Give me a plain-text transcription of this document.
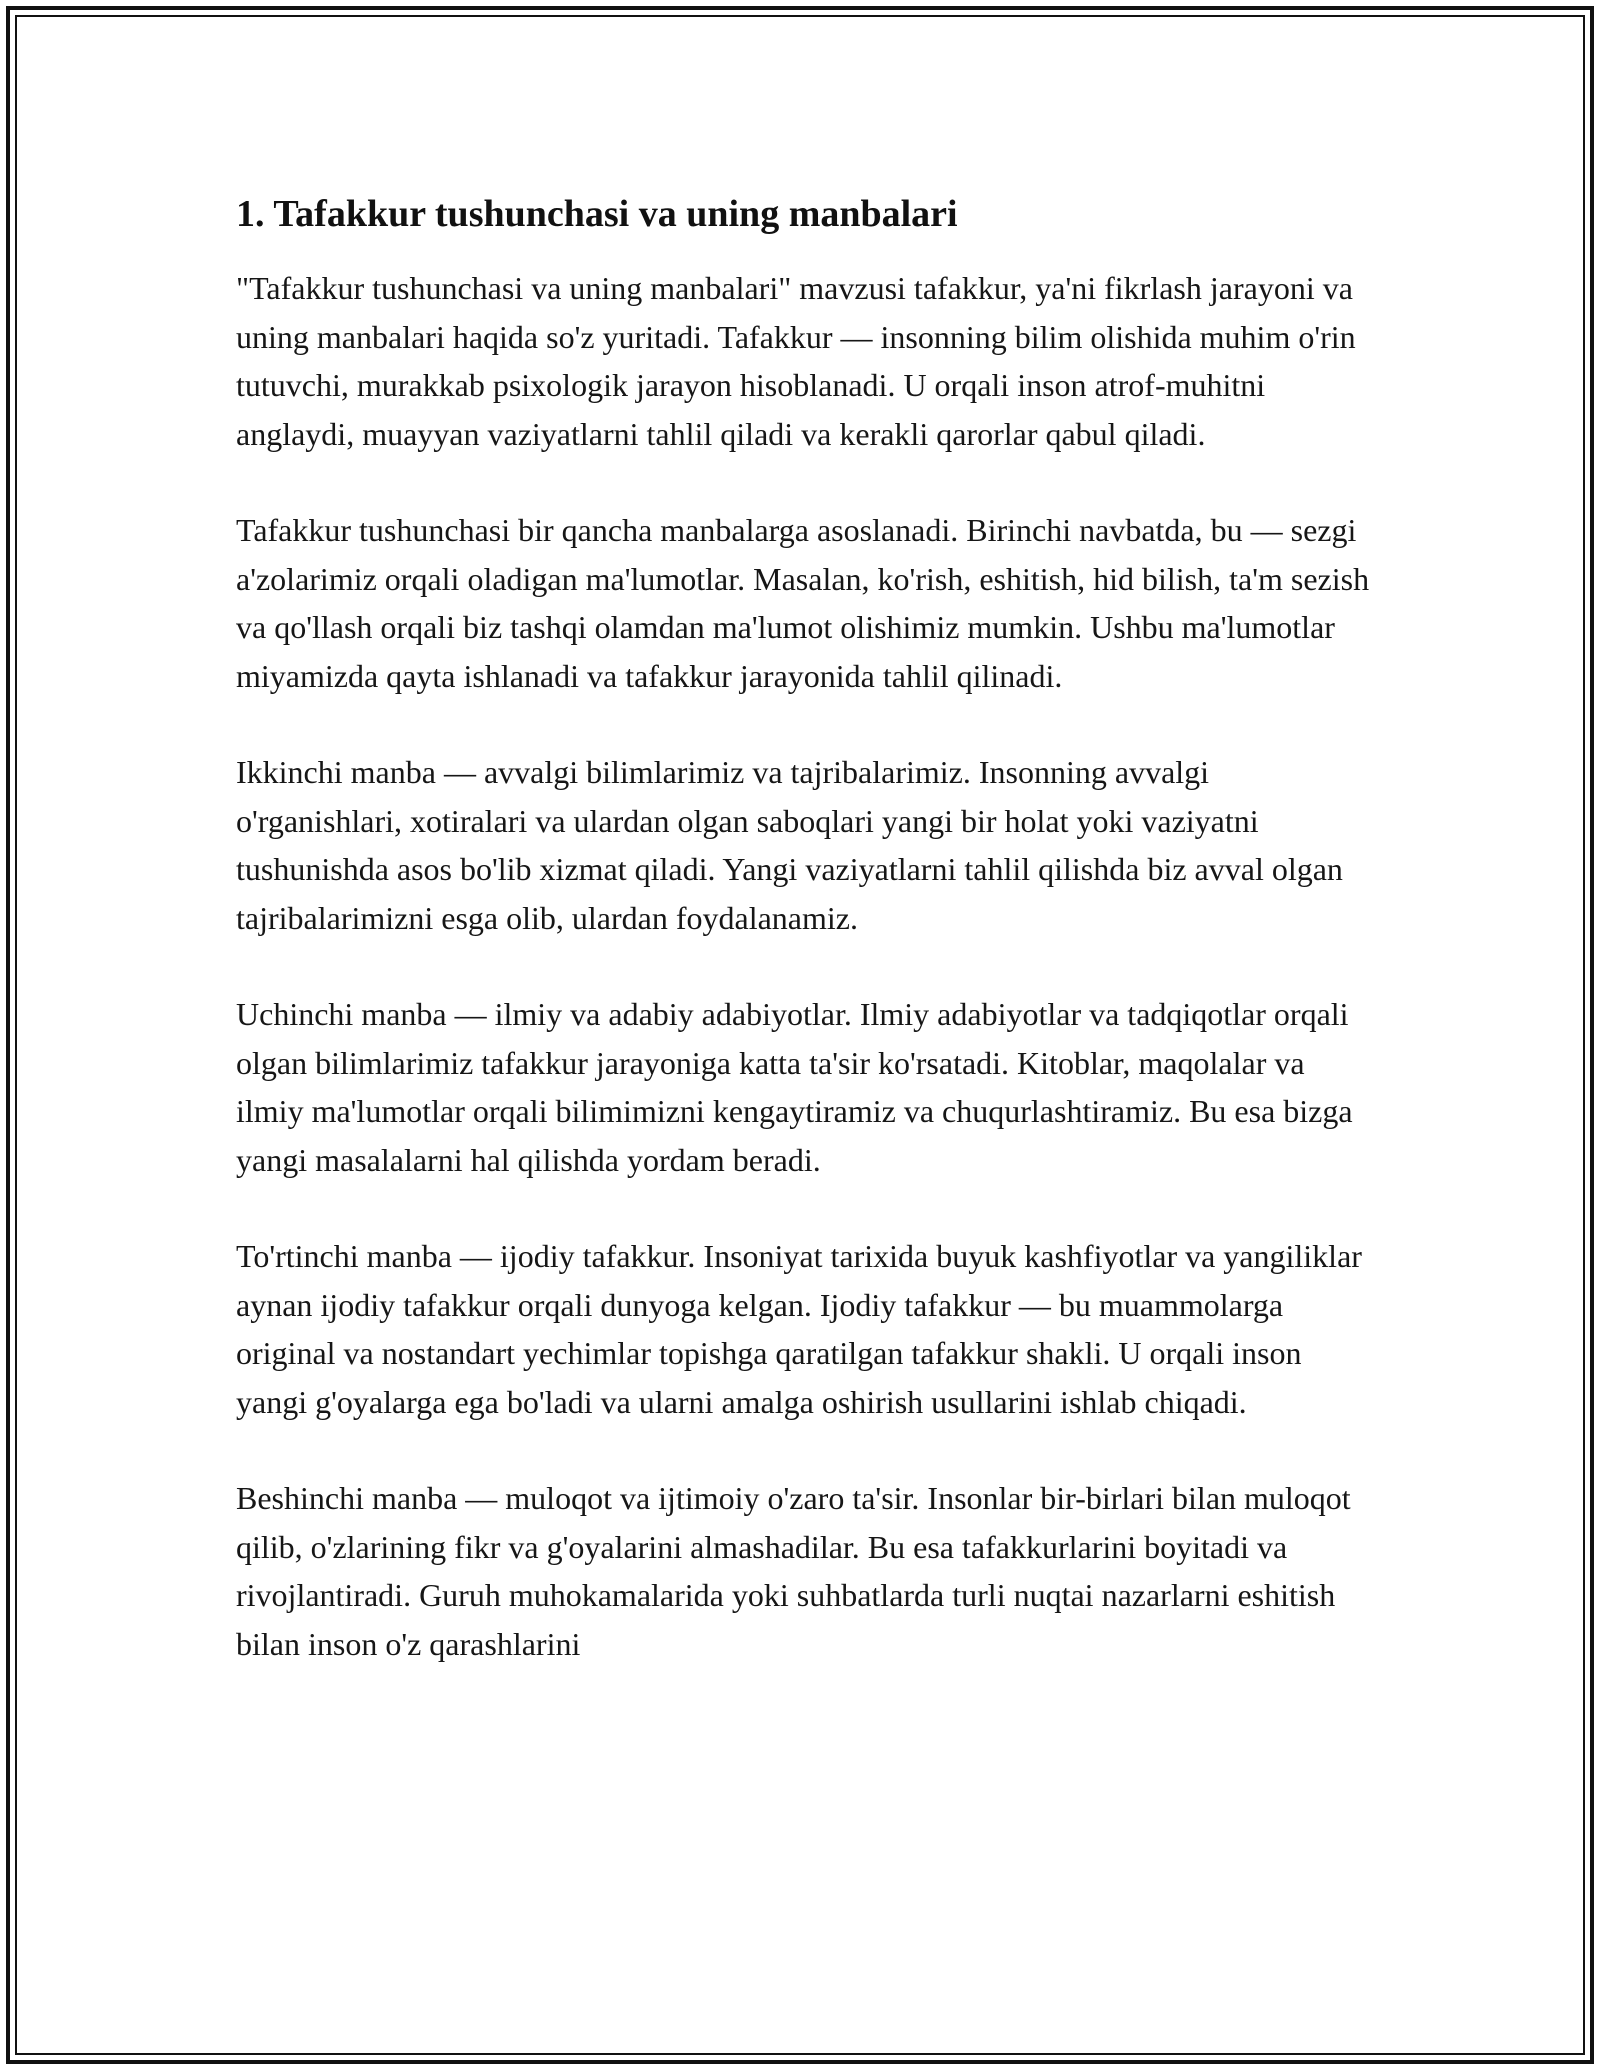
1. Tafakkur tushunchasi va uning manbalari

"Tafakkur tushunchasi va uning manbalari" mavzusi tafakkur, ya'ni fikrlash jarayoni va uning manbalari haqida so'z yuritadi. Tafakkur — insonning bilim olishida muhim o'rin tutuvchi, murakkab psixologik jarayon hisoblanadi. U orqali inson atrof-muhitni anglaydi, muayyan vaziyatlarni tahlil qiladi va kerakli qarorlar qabul qiladi.

Tafakkur tushunchasi bir qancha manbalarga asoslanadi. Birinchi navbatda, bu — sezgi a'zolarimiz orqali oladigan ma'lumotlar. Masalan, ko'rish, eshitish, hid bilish, ta'm sezish va qo'llash orqali biz tashqi olamdan ma'lumot olishimiz mumkin. Ushbu ma'lumotlar miyamizda qayta ishlanadi va tafakkur jarayonida tahlil qilinadi.

Ikkinchi manba — avvalgi bilimlarimiz va tajribalarimiz. Insonning avvalgi o'rganishlari, xotiralari va ulardan olgan saboqlari yangi bir holat yoki vaziyatni tushunishda asos bo'lib xizmat qiladi. Yangi vaziyatlarni tahlil qilishda biz avval olgan tajribalarimizni esga olib, ulardan foydalanamiz.

Uchinchi manba — ilmiy va adabiy adabiyotlar. Ilmiy adabiyotlar va tadqiqotlar orqali olgan bilimlarimiz tafakkur jarayoniga katta ta'sir ko'rsatadi. Kitoblar, maqolalar va ilmiy ma'lumotlar orqali bilimimizni kengaytiramiz va chuqurlashtiramiz. Bu esa bizga yangi masalalarni hal qilishda yordam beradi.

To'rtinchi manba — ijodiy tafakkur. Insoniyat tarixida buyuk kashfiyotlar va yangiliklar aynan ijodiy tafakkur orqali dunyoga kelgan. Ijodiy tafakkur — bu muammolarga original va nostandart yechimlar topishga qaratilgan tafakkur shakli. U orqali inson yangi g'oyalarga ega bo'ladi va ularni amalga oshirish usullarini ishlab chiqadi.

Beshinchi manba — muloqot va ijtimoiy o'zaro ta'sir. Insonlar bir-birlari bilan muloqot qilib, o'zlarining fikr va g'oyalarini almashadilar. Bu esa tafakkurlarini boyitadi va rivojlantiradi. Guruh muhokamalarida yoki suhbatlarda turli nuqtai nazarlarni eshitish bilan inson o'z qarashlarini
